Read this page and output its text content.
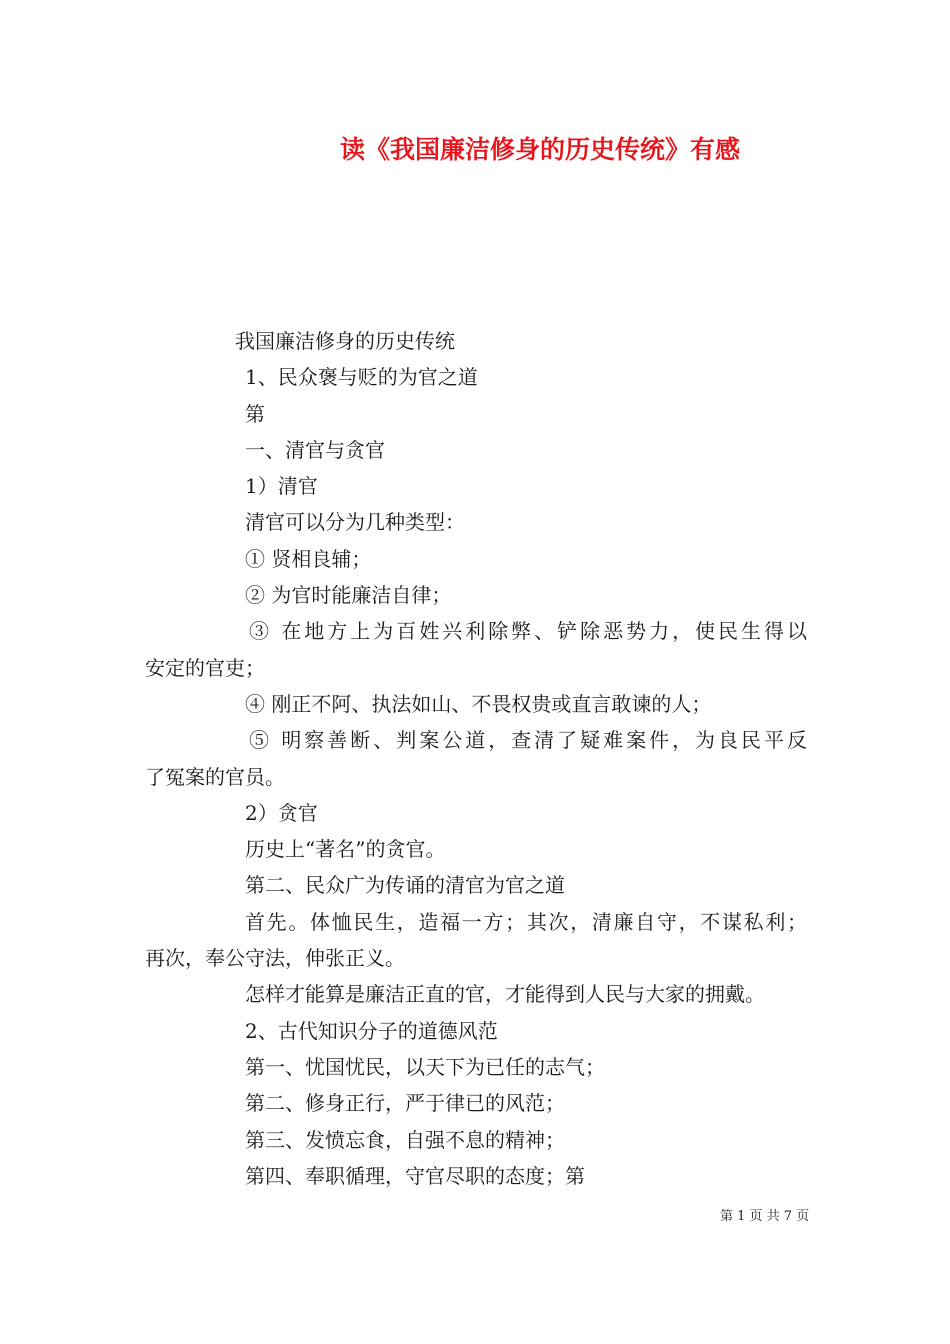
读《我国廉洁修身的历史传统》有感
我国廉洁修身的历史传统
1、民众褒与贬的为官之道
第
一、清官与贪官
1）清官
清官可以分为几种类型：
① 贤相良辅；
② 为官时能廉洁自律；
③ 在地方上为百姓兴利除弊、铲除恶势力，使民生得以
安定的官吏；
④ 刚正不阿、执法如山、不畏权贵或直言敢谏的人；
⑤ 明察善断、判案公道，查清了疑难案件，为良民平反
了冤案的官员。
2）贪官
历史上“著名”的贪官。
第二、民众广为传诵的清官为官之道
首先。体恤民生，造福一方；其次，清廉自守，不谋私利；
再次，奉公守法，伸张正义。
怎样才能算是廉洁正直的官，才能得到人民与大家的拥戴。
2、古代知识分子的道德风范
第一、忧国忧民，以天下为已任的志气；
第二、修身正行，严于律已的风范；
第三、发愤忘食，自强不息的精神；
第四、奉职循理，守官尽职的态度；第
第 1 页 共 7 页
